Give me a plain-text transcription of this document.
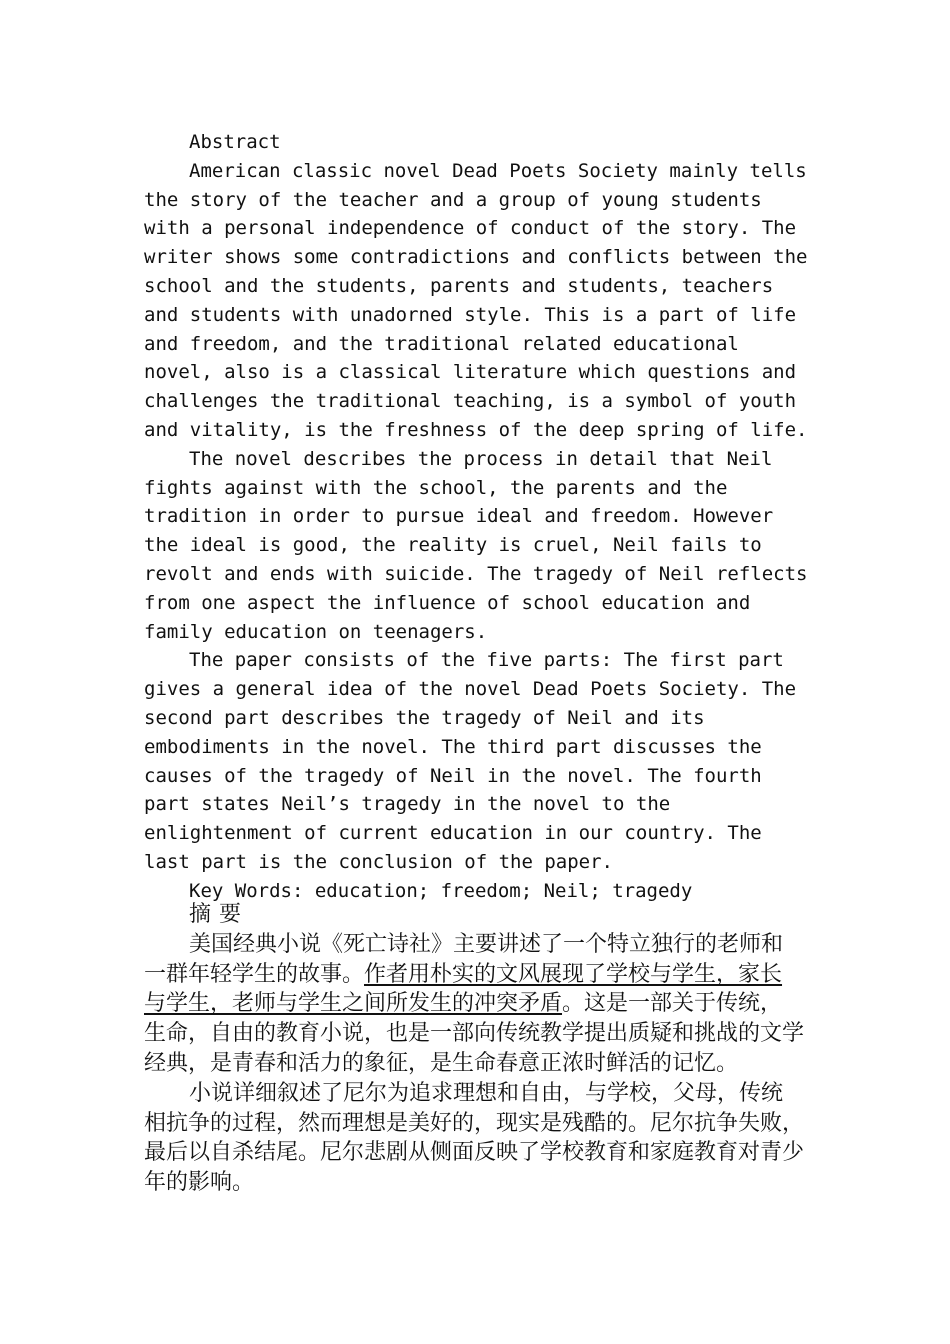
Abstract

American classic novel Dead Poets Society mainly tells the story of the teacher and a group of young students with a personal independence of conduct of the story. The writer shows some contradictions and conflicts between the school and the students, parents and students, teachers and students with unadorned style. This is a part of life and freedom, and the traditional related educational novel, also is a classical literature which questions and challenges the traditional teaching, is a symbol of youth and vitality, is the freshness of the deep spring of life.

The novel describes the process in detail that Neil fights against with the school, the parents and the tradition in order to pursue ideal and freedom. However the ideal is good, the reality is cruel, Neil fails to revolt and ends with suicide. The tragedy of Neil reflects from one aspect the influence of school education and family education on teenagers.

The paper consists of the five parts: The first part gives a general idea of the novel Dead Poets Society. The second part describes the tragedy of Neil and its embodiments in the novel. The third part discusses the causes of the tragedy of Neil in the novel. The fourth part states Neil’s tragedy in the novel to the enlightenment of current education in our country. The last part is the conclusion of the paper.

Key Words: education; freedom; Neil; tragedy

摘要

美国经典小说《死亡诗社》主要讲述了一个特立独行的老师和一群年轻学生的故事。作者用朴实的文风展现了学校与学生，家长与学生，老师与学生之间所发生的冲突矛盾。这是一部关于传统，生命，自由的教育小说，也是一部向传统教学提出质疑和挑战的文学经典，是青春和活力的象征，是生命春意正浓时鲜活的记忆。

小说详细叙述了尼尔为追求理想和自由，与学校，父母，传统相抗争的过程，然而理想是美好的，现实是残酷的。尼尔抗争失败，最后以自杀结尾。尼尔悲剧从侧面反映了学校教育和家庭教育对青少年的影响。
